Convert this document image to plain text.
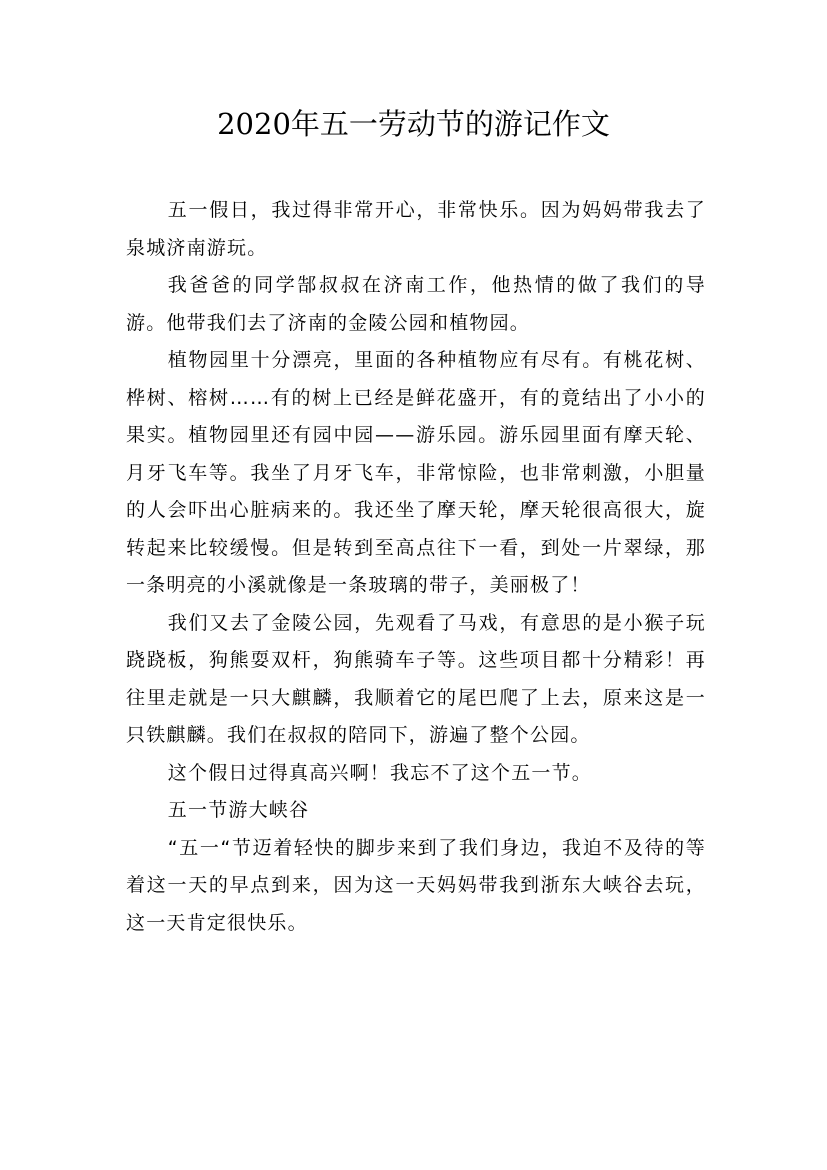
2020年五一劳动节的游记作文

五一假日，我过得非常开心，非常快乐。因为妈妈带我去了泉城济南游玩。

我爸爸的同学郜叔叔在济南工作，他热情的做了我们的导游。他带我们去了济南的金陵公园和植物园。

植物园里十分漂亮，里面的各种植物应有尽有。有桃花树、桦树、榕树……有的树上已经是鲜花盛开，有的竟结出了小小的果实。植物园里还有园中园——游乐园。游乐园里面有摩天轮、月牙飞车等。我坐了月牙飞车，非常惊险，也非常刺激，小胆量的人会吓出心脏病来的。我还坐了摩天轮，摩天轮很高很大，旋转起来比较缓慢。但是转到至高点往下一看，到处一片翠绿，那一条明亮的小溪就像是一条玻璃的带子，美丽极了！

我们又去了金陵公园，先观看了马戏，有意思的是小猴子玩跷跷板，狗熊耍双杆，狗熊骑车子等。这些项目都十分精彩！再往里走就是一只大麒麟，我顺着它的尾巴爬了上去，原来这是一只铁麒麟。我们在叔叔的陪同下，游遍了整个公园。

这个假日过得真高兴啊！我忘不了这个五一节。

五一节游大峡谷

“五一“节迈着轻快的脚步来到了我们身边，我迫不及待的等着这一天的早点到来，因为这一天妈妈带我到浙东大峡谷去玩，这一天肯定很快乐。
